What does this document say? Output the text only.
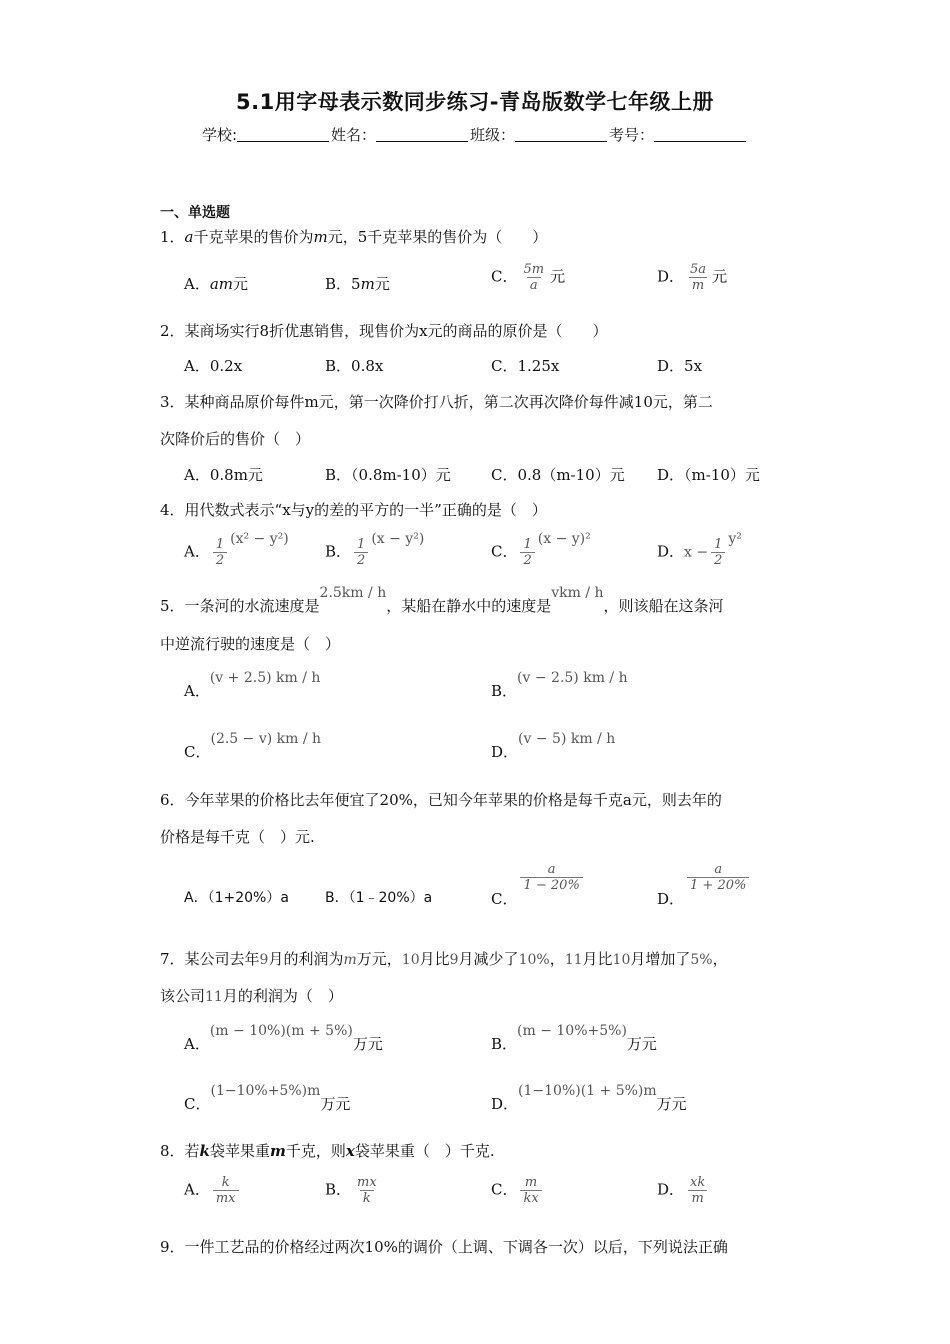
5.1用字母表示数同步练习-青岛版数学七年级上册
学校:	姓名：	班级：	考号：
一、单选题
1．a千克苹果的售价为m元，5千克苹果的售价为（　　）
A．am元	B．5m元	C． $\frac{5m}{a}$ 元	D． $\frac{5a}{m}$ 元
2．某商场实行8折优惠销售，现售价为x元的商品的原价是（　　）
A．0.2x	B．0.8x	C．1.25x	D．5x
3．某种商品原价每件m元，第一次降价打八折，第二次再次降价每件减10元，第二
次降价后的售价（　）
A．0.8m元	B．（0.8m-10）元	C．0.8（m-10）元 D．（m-10）元
4．用代数式表示“x与y的差的平方的一半”正确的是（　）
A． $\frac{1}{2} (x^2 - y^2)$
B． $\frac{1}{2} (x - y^2)$
C． $\frac{1}{2} (x - y)^2$
D．$x - \frac{1}{2} y^2$
5．一条河的水流速度是2.5km / h，某船在静水中的速度是vkm / h，则该船在这条河
中逆流行驶的速度是（　）
A．(v + 2.5) km / h
B．(v − 2.5) km / h
C．(2.5 − v) km / h
D．(v − 5) km / h
6．今年苹果的价格比去年便宜了20%，已知今年苹果的价格是每千克a元，则去年的
价格是每千克（　）元.
A．（1+20%）a	B．（1﹣20%）a	C．
$\frac{a}{1 - 20\%}$
D．
$\frac{a}{1 + 20\%}$
7．某公司去年9月的利润为m万元，10月比9月减少了10%，11月比10月增加了5%，
该公司11月的利润为（　）
A．(m − 10%)(m + 5%)万元	B．(m − 10%+5%)万元
C．(1−10%+5%)m万元	D．(1−10%)(1 + 5%)m万元
8．若k袋苹果重m千克，则x袋苹果重（　）千克.
A． $\frac{k}{mx}$	B． $\frac{mx}{k}$	C． $\frac{m}{kx}$	D． $\frac{xk}{m}$
9．一件工艺品的价格经过两次10%的调价（上调、下调各一次）以后，下列说法正确
